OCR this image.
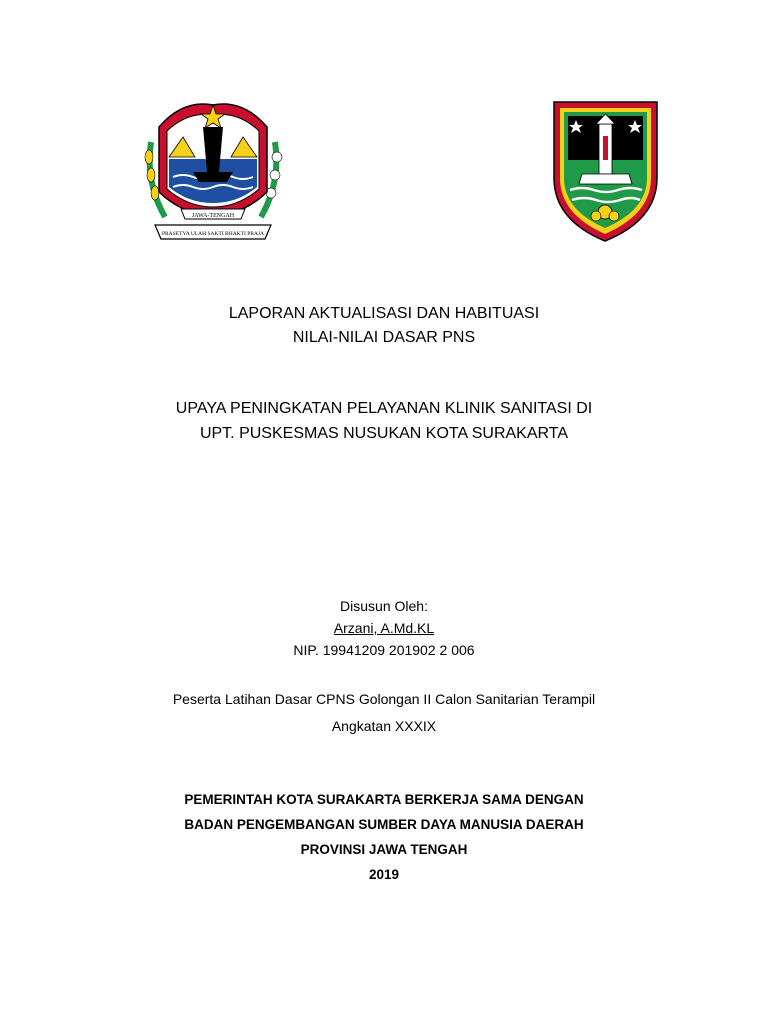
JAWA-TENGAH
PRASETYA ULAH SAKTI BHAKTI PRAJA
LAPORAN AKTUALISASI DAN HABITUASI
NILAI-NILAI DASAR PNS
UPAYA PENINGKATAN PELAYANAN KLINIK SANITASI DI
UPT. PUSKESMAS NUSUKAN KOTA SURAKARTA
Disusun Oleh:
Arzani, A.Md.KL
NIP. 19941209 201902 2 006
Peserta Latihan Dasar CPNS Golongan II Calon Sanitarian Terampil
Angkatan XXXIX
PEMERINTAH KOTA SURAKARTA BERKERJA SAMA DENGAN
BADAN PENGEMBANGAN SUMBER DAYA MANUSIA DAERAH
PROVINSI JAWA TENGAH
2019
